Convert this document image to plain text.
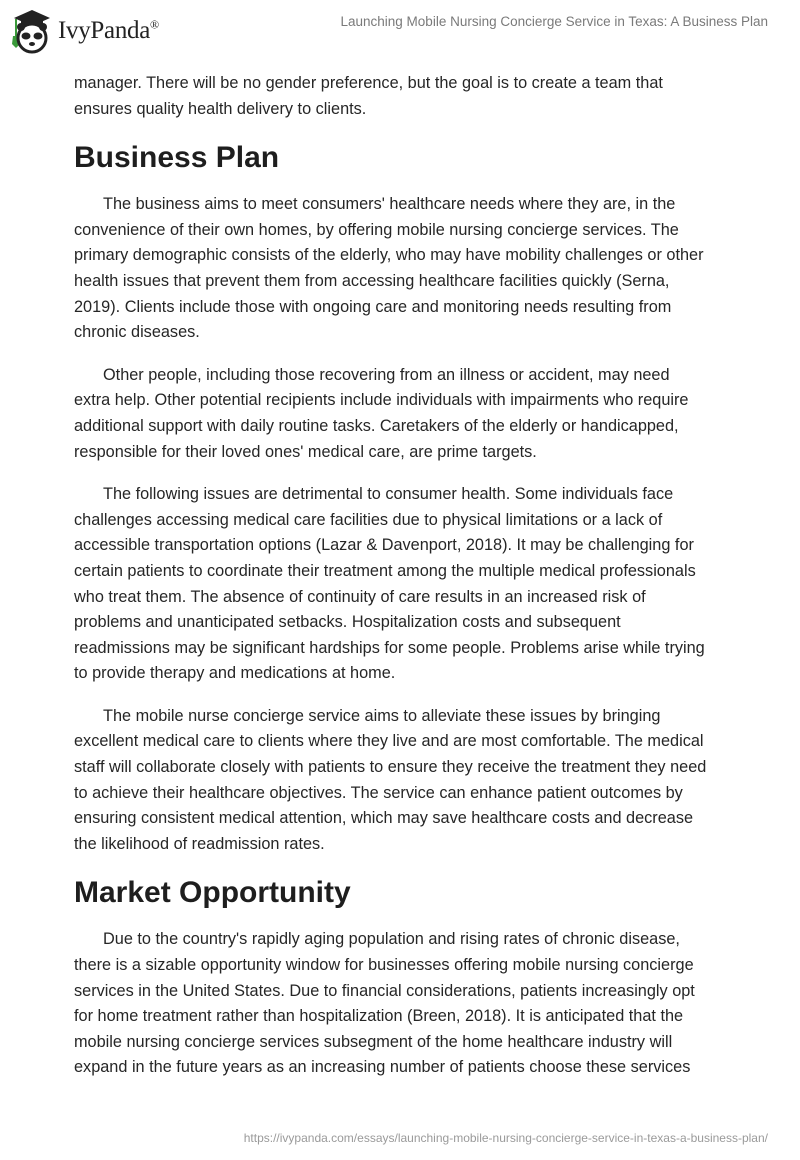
IvyPanda®	Launching Mobile Nursing Concierge Service in Texas: A Business Plan
manager. There will be no gender preference, but the goal is to create a team that
ensures quality health delivery to clients.
Business Plan
The business aims to meet consumers' healthcare needs where they are, in the
convenience of their own homes, by offering mobile nursing concierge services. The
primary demographic consists of the elderly, who may have mobility challenges or other
health issues that prevent them from accessing healthcare facilities quickly (Serna,
2019). Clients include those with ongoing care and monitoring needs resulting from
chronic diseases.
Other people, including those recovering from an illness or accident, may need
extra help. Other potential recipients include individuals with impairments who require
additional support with daily routine tasks. Caretakers of the elderly or handicapped,
responsible for their loved ones' medical care, are prime targets.
The following issues are detrimental to consumer health. Some individuals face
challenges accessing medical care facilities due to physical limitations or a lack of
accessible transportation options (Lazar & Davenport, 2018). It may be challenging for
certain patients to coordinate their treatment among the multiple medical professionals
who treat them. The absence of continuity of care results in an increased risk of
problems and unanticipated setbacks. Hospitalization costs and subsequent
readmissions may be significant hardships for some people. Problems arise while trying
to provide therapy and medications at home.
The mobile nurse concierge service aims to alleviate these issues by bringing
excellent medical care to clients where they live and are most comfortable. The medical
staff will collaborate closely with patients to ensure they receive the treatment they need
to achieve their healthcare objectives. The service can enhance patient outcomes by
ensuring consistent medical attention, which may save healthcare costs and decrease
the likelihood of readmission rates.
Market Opportunity
Due to the country's rapidly aging population and rising rates of chronic disease,
there is a sizable opportunity window for businesses offering mobile nursing concierge
services in the United States. Due to financial considerations, patients increasingly opt
for home treatment rather than hospitalization (Breen, 2018). It is anticipated that the
mobile nursing concierge services subsegment of the home healthcare industry will
expand in the future years as an increasing number of patients choose these services
https://ivypanda.com/essays/launching-mobile-nursing-concierge-service-in-texas-a-business-plan/
